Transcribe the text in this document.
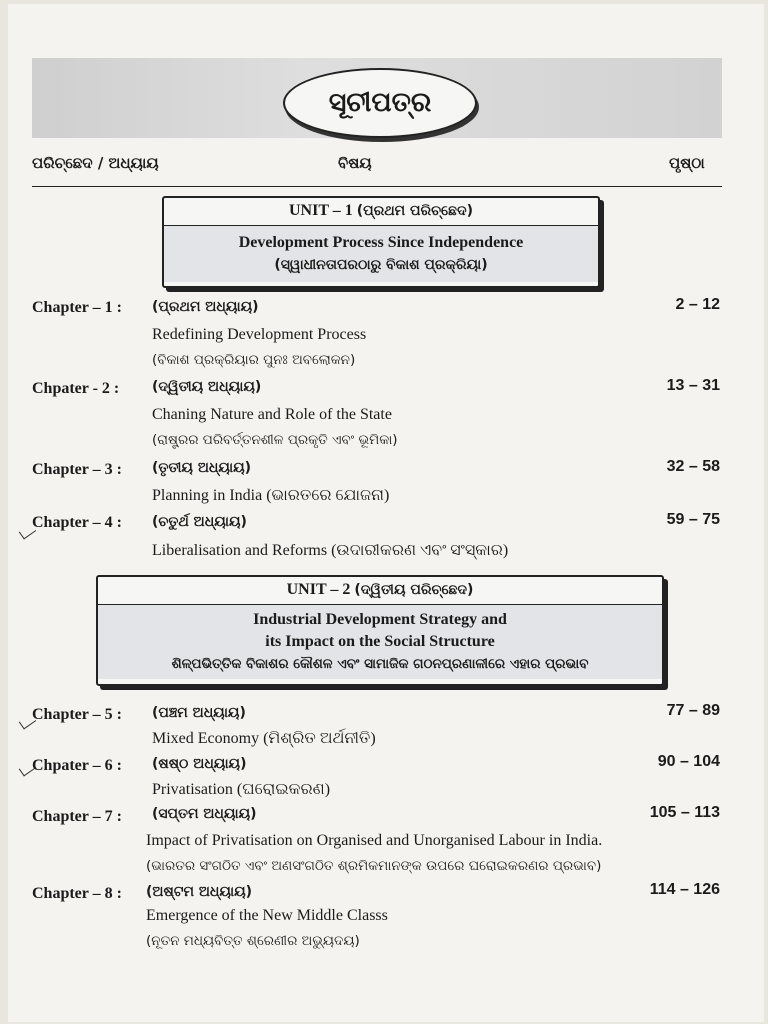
ସୂଚୀପତ୍ର
ପରିଚ୍ଛେଦ / ଅଧ୍ୟାୟ	ବିଷୟ	ପୃଷ୍ଠା
UNIT – 1 (ପ୍ରଥମ ପରିଚ୍ଛେଦ)
Development Process Since Independence
(ସ୍ୱାଧୀନତାପରଠାରୁ ବିକାଶ ପ୍ରକ୍ରିୟା)
Chapter – 1 : (ପ୍ରଥମ ଅଧ୍ୟାୟ)	2 – 12
Redefining Development Process
(ବିକାଶ ପ୍ରକ୍ରିୟାର ପୁନଃ ଅବଲୋକନ)
Chpater - 2 : (ଦ୍ୱିତୀୟ ଅଧ୍ୟାୟ)	13 – 31
Chaning Nature and Role of the State
(ରାଷ୍ଟ୍ରର ପରିବର୍ତ୍ତନଶୀଳ ପ୍ରକୃତି ଏବଂ ଭୂମିକା)
Chapter – 3 : (ତୃତୀୟ ଅଧ୍ୟାୟ)	32 – 58
Planning in India (ଭାରତରେ ଯୋଜନା)
Chapter – 4 : (ଚତୁର୍ଥ ଅଧ୍ୟାୟ)	59 – 75
Liberalisation and Reforms (ଉଦାରୀକରଣ ଏବଂ ସଂସ୍କାର)
UNIT – 2 (ଦ୍ୱିତୀୟ ପରିଚ୍ଛେଦ)
Industrial Development Strategy and
its Impact on the Social Structure
ଶିଳ୍ପଭିତ୍ତିକ ବିକାଶର କୌଶଳ ଏବଂ ସାମାଜିକ ଗଠନପ୍ରଣାଳୀରେ ଏହାର ପ୍ରଭାବ
Chapter – 5 : (ପଞ୍ଚମ ଅଧ୍ୟାୟ)	77 – 89
Mixed Economy (ମିଶ୍ରିତ ଅର୍ଥନୀତି)
Chpater – 6 : (ଷଷ୍ଠ ଅଧ୍ୟାୟ)	90 – 104
Privatisation (ଘରୋଇକରଣ)
Chapter – 7 : (ସପ୍ତମ ଅଧ୍ୟାୟ)	105 – 113
Impact of Privatisation on Organised and Unorganised Labour in India.
(ଭାରତର ସଂଗଠିତ ଏବଂ ଅଣସଂଗଠିତ ଶ୍ରମିକମାନଙ୍କ ଉପରେ ଘରୋଇକରଣର ପ୍ରଭାବ)
Chapter – 8 : (ଅଷ୍ଟମ ଅଧ୍ୟାୟ)	114 – 126
Emergence of the New Middle Classs
(ନୂତନ ମଧ୍ୟବିତ୍ତ ଶ୍ରେଣୀର ଅଭ୍ୟୁଦୟ)
